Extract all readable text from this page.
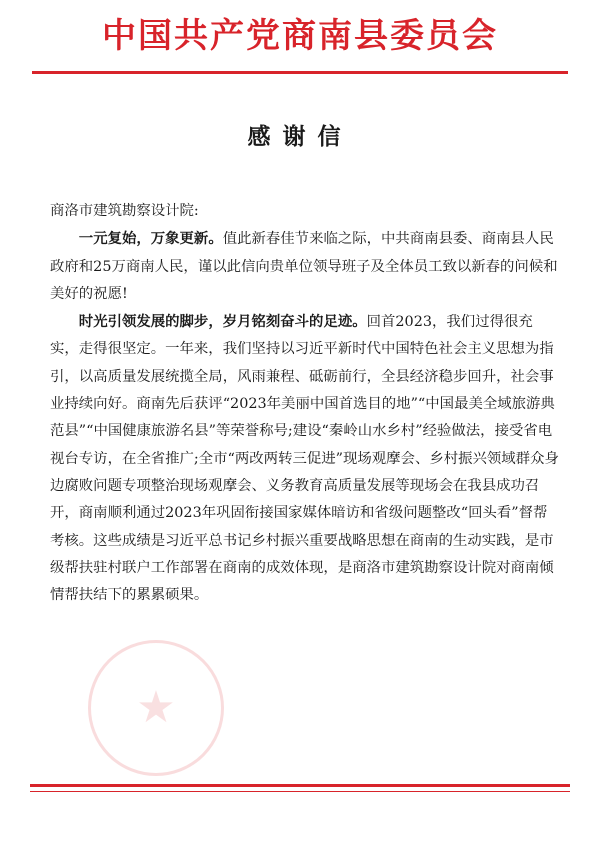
中国共产党商南县委员会
感谢信
★

商洛市建筑勘察设计院:

一元复始，万象更新。值此新春佳节来临之际，中共商南县委、商南县人民政府和25万商南人民，谨以此信向贵单位领导班子及全体员工致以新春的问候和美好的祝愿!

时光引领发展的脚步，岁月铭刻奋斗的足迹。回首2023，我们过得很充实，走得很坚定。一年来，我们坚持以习近平新时代中国特色社会主义思想为指引，以高质量发展统揽全局，风雨兼程、砥砺前行，全县经济稳步回升，社会事业持续向好。商南先后获评“2023年美丽中国首选目的地”“中国最美全域旅游典范县”“中国健康旅游名县”等荣誉称号;建设“秦岭山水乡村”经验做法，接受省电视台专访，在全省推广;全市“两改两转三促进”现场观摩会、乡村振兴领域群众身边腐败问题专项整治现场观摩会、义务教育高质量发展等现场会在我县成功召开，商南顺利通过2023年巩固衔接国家媒体暗访和省级问题整改“回头看”督帮考核。这些成绩是习近平总书记乡村振兴重要战略思想在商南的生动实践，是市级帮扶驻村联户工作部署在商南的成效体现，是商洛市建筑勘察设计院对商南倾情帮扶结下的累累硕果。
